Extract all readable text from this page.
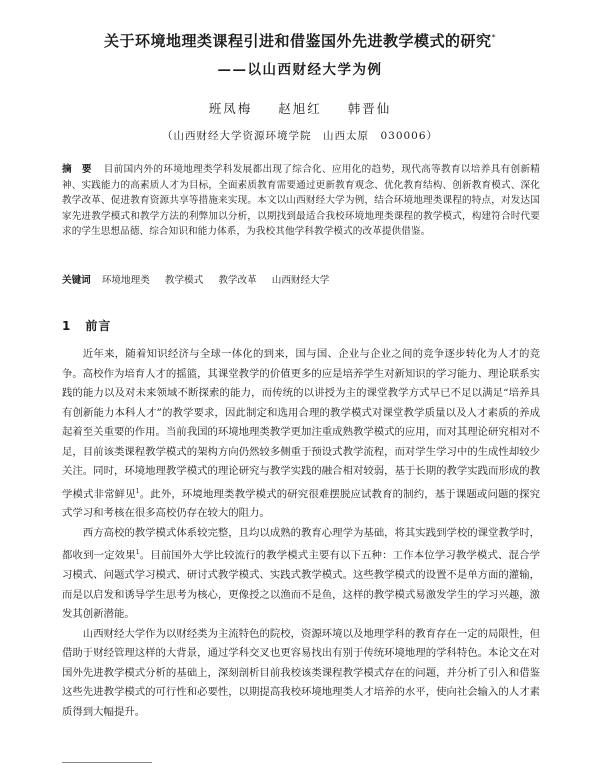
关于环境地理类课程引进和借鉴国外先进教学模式的研究*
——以山西财经大学为例
班凤梅 赵旭红 韩晋仙
（山西财经大学资源环境学院　山西太原　030006）
摘　要 目前国内外的环境地理类学科发展都出现了综合化、应用化的趋势，现代高等教育以培养具有创新精神、实践能力的高素质人才为目标，全面素质教育需要通过更新教育观念、优化教育结构、创新教育模式、深化教学改革、促进教育资源共享等措施来实现。本文以山西财经大学为例，结合环境地理类课程的特点，对发达国家先进教学模式和教学方法的利弊加以分析，以期找到最适合我校环境地理类课程的教学模式，构建符合时代要求的学生思想品德、综合知识和能力体系，为我校其他学科教学模式的改革提供借鉴。
关键词 环境地理类 教学模式 教学改革 山西财经大学
1 前言

近年来，随着知识经济与全球一体化的到来，国与国、企业与企业之间的竞争逐步转化为人才的竞争。高校作为培育人才的摇篮，其课堂教学的价值更多的应是培养学生对新知识的学习能力、理论联系实践的能力以及对未来领域不断探索的能力，而传统的以讲授为主的课堂教学方式早已不足以满足“培养具有创新能力本科人才”的教学要求，因此制定和选用合理的教学模式对课堂教学质量以及人才素质的养成起着至关重要的作用。当前我国的环境地理类教学更加注重成熟教学模式的应用，而对其理论研究相对不足，目前该类课程教学模式的架构方向仍然较多侧重于预设式教学流程，而对学生学习中的生成性却较少关注。同时，环境地理教学模式的理论研究与教学实践的融合相对较弱，基于长期的教学实践而形成的教学模式非常鲜见$^1$。此外，环境地理类教学模式的研究很难摆脱应试教育的制约，基于课题或问题的探究式学习和考核在很多高校仍存在较大的阻力。

西方高校的教学模式体系较完整，且均以成熟的教育心理学为基础，将其实践到学校的课堂教学时，都收到一定效果$^1$。目前国外大学比较流行的教学模式主要有以下五种：工作本位学习教学模式、混合学习模式、问题式学习模式、研讨式教学模式、实践式教学模式。这些教学模式的设置不是单方面的灌输，而是以启发和诱导学生思考为核心，更像授之以渔而不是鱼，这样的教学模式易激发学生的学习兴趣，激发其创新潜能。

山西财经大学作为以财经类为主流特色的院校，资源环境以及地理学科的教育存在一定的局限性，但借助于财经管理这样的大背景，通过学科交叉也更容易找出有别于传统环境地理的学科特色。本论文在对国外先进教学模式分析的基础上，深刻剖析目前我校该类课程教学模式存在的问题，并分析了引入和借鉴这些先进教学模式的可行性和必要性，以期提高我校环境地理类人才培养的水平，使向社会输入的人才素质得到大幅提升。
